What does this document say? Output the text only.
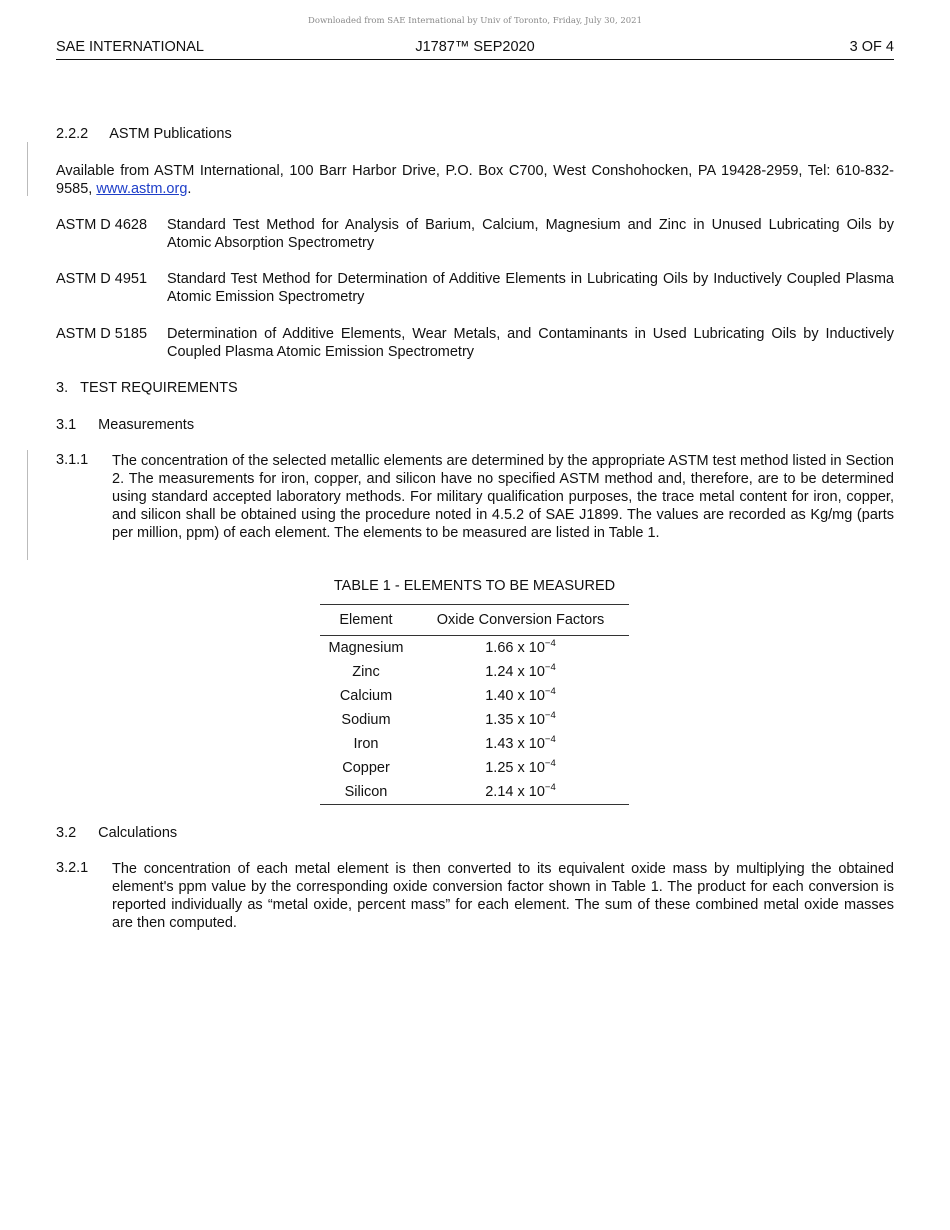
Downloaded from SAE International by Univ of Toronto, Friday, July 30, 2021
SAE INTERNATIONAL	J1787™ SEP2020	3 OF 4
2.2.2 ASTM Publications
Available from ASTM International, 100 Barr Harbor Drive, P.O. Box C700, West Conshohocken, PA 19428-2959, Tel: 610-832-9585, www.astm.org.
ASTM D 4628 Standard Test Method for Analysis of Barium, Calcium, Magnesium and Zinc in Unused Lubricating Oils by Atomic Absorption Spectrometry
ASTM D 4951 Standard Test Method for Determination of Additive Elements in Lubricating Oils by Inductively Coupled Plasma Atomic Emission Spectrometry
ASTM D 5185 Determination of Additive Elements, Wear Metals, and Contaminants in Used Lubricating Oils by Inductively Coupled Plasma Atomic Emission Spectrometry
3. TEST REQUIREMENTS
3.1 Measurements
3.1.1 The concentration of the selected metallic elements are determined by the appropriate ASTM test method listed in Section 2. The measurements for iron, copper, and silicon have no specified ASTM method and, therefore, are to be determined using standard accepted laboratory methods. For military qualification purposes, the trace metal content for iron, copper, and silicon shall be obtained using the procedure noted in 4.5.2 of SAE J1899. The values are recorded as Kg/mg (parts per million, ppm) of each element. The elements to be measured are listed in Table 1.
TABLE 1 - ELEMENTS TO BE MEASURED
Element	Oxide Conversion Factors
Magnesium	1.66 x $10^{-4}$
Zinc	1.24 x $10^{-4}$
Calcium	1.40 x $10^{-4}$
Sodium	1.35 x $10^{-4}$
Iron	1.43 x $10^{-4}$
Copper	1.25 x $10^{-4}$
Silicon	2.14 x $10^{-4}$
3.2 Calculations
3.2.1 The concentration of each metal element is then converted to its equivalent oxide mass by multiplying the obtained element's ppm value by the corresponding oxide conversion factor shown in Table 1. The product for each conversion is reported individually as “metal oxide, percent mass” for each element. The sum of these combined metal oxide masses are then computed.
